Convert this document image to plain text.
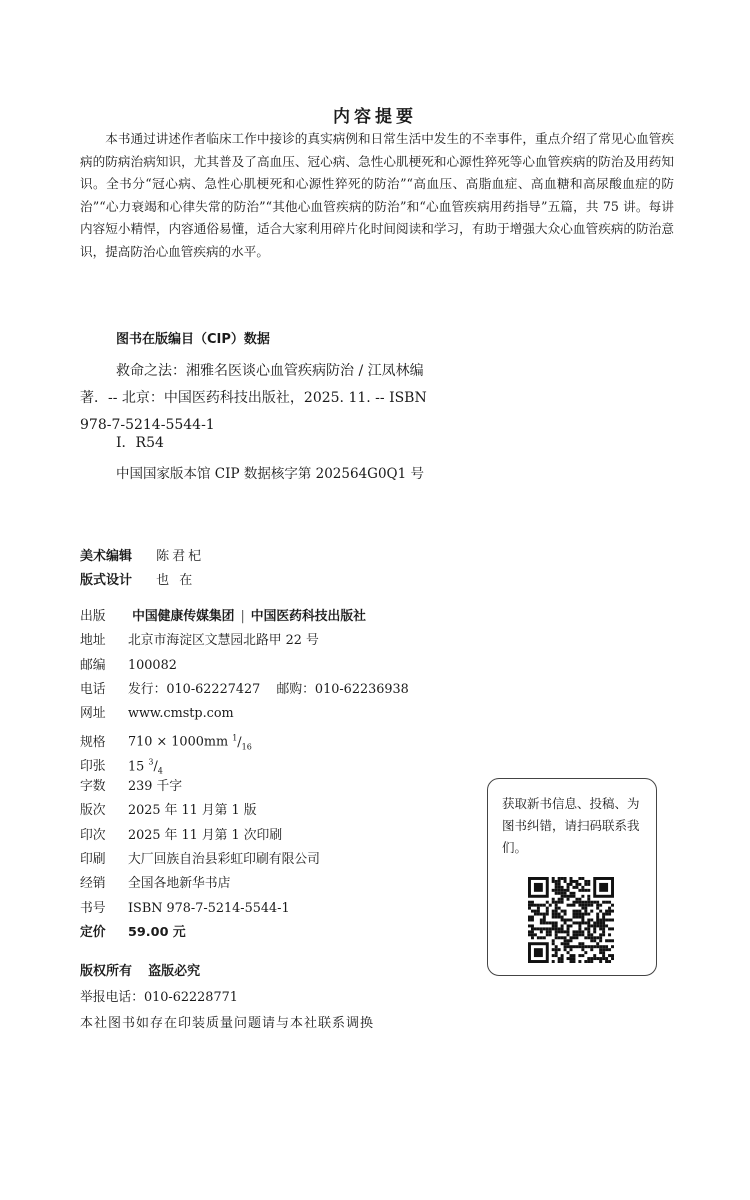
内容提要
本书通过讲述作者临床工作中接诊的真实病例和日常生活中发生的不幸事件，重点介绍了常见心血管疾病的防病治病知识，尤其普及了高血压、冠心病、急性心肌梗死和心源性猝死等心血管疾病的防治及用药知识。全书分“冠心病、急性心肌梗死和心源性猝死的防治”“高血压、高脂血症、高血糖和高尿酸血症的防治”“心力衰竭和心律失常的防治”“其他心血管疾病的防治”和“心血管疾病用药指导”五篇，共 75 讲。每讲内容短小精悍，内容通俗易懂，适合大家利用碎片化时间阅读和学习，有助于增强大众心血管疾病的防治意识，提高防治心血管疾病的水平。
图书在版编目（CIP）数据
救命之法：湘雅名医谈心血管疾病防治 / 江凤林编
著．-- 北京：中国医药科技出版社，2025. 11. -- ISBN
978-7-5214-5544-1
Ⅰ．R54
中国国家版本馆 CIP 数据核字第 202564G0Q1 号
美术编辑 陈君杞
版式设计 也 在
出版 中国健康传媒集团 | 中国医药科技出版社
地址 北京市海淀区文慧园北路甲 22 号
邮编 100082
电话 发行：010-62227427    邮购：010-62236938
网址 www.cmstp.com
规格 710 × 1000mm $^1/_{16}$
印张 15 $^3/_4$
字数 239 千字
版次 2025 年 11 月第 1 版
印次 2025 年 11 月第 1 次印刷
印刷 大厂回族自治县彩虹印刷有限公司
经销 全国各地新华书店
书号 ISBN 978-7-5214-5544-1
定价 59.00 元
版权所有 盗版必究
举报电话：010-62228771
本社图书如存在印装质量问题请与本社联系调换
获取新书信息、投稿、为图书纠错，请扫码联系我们。
